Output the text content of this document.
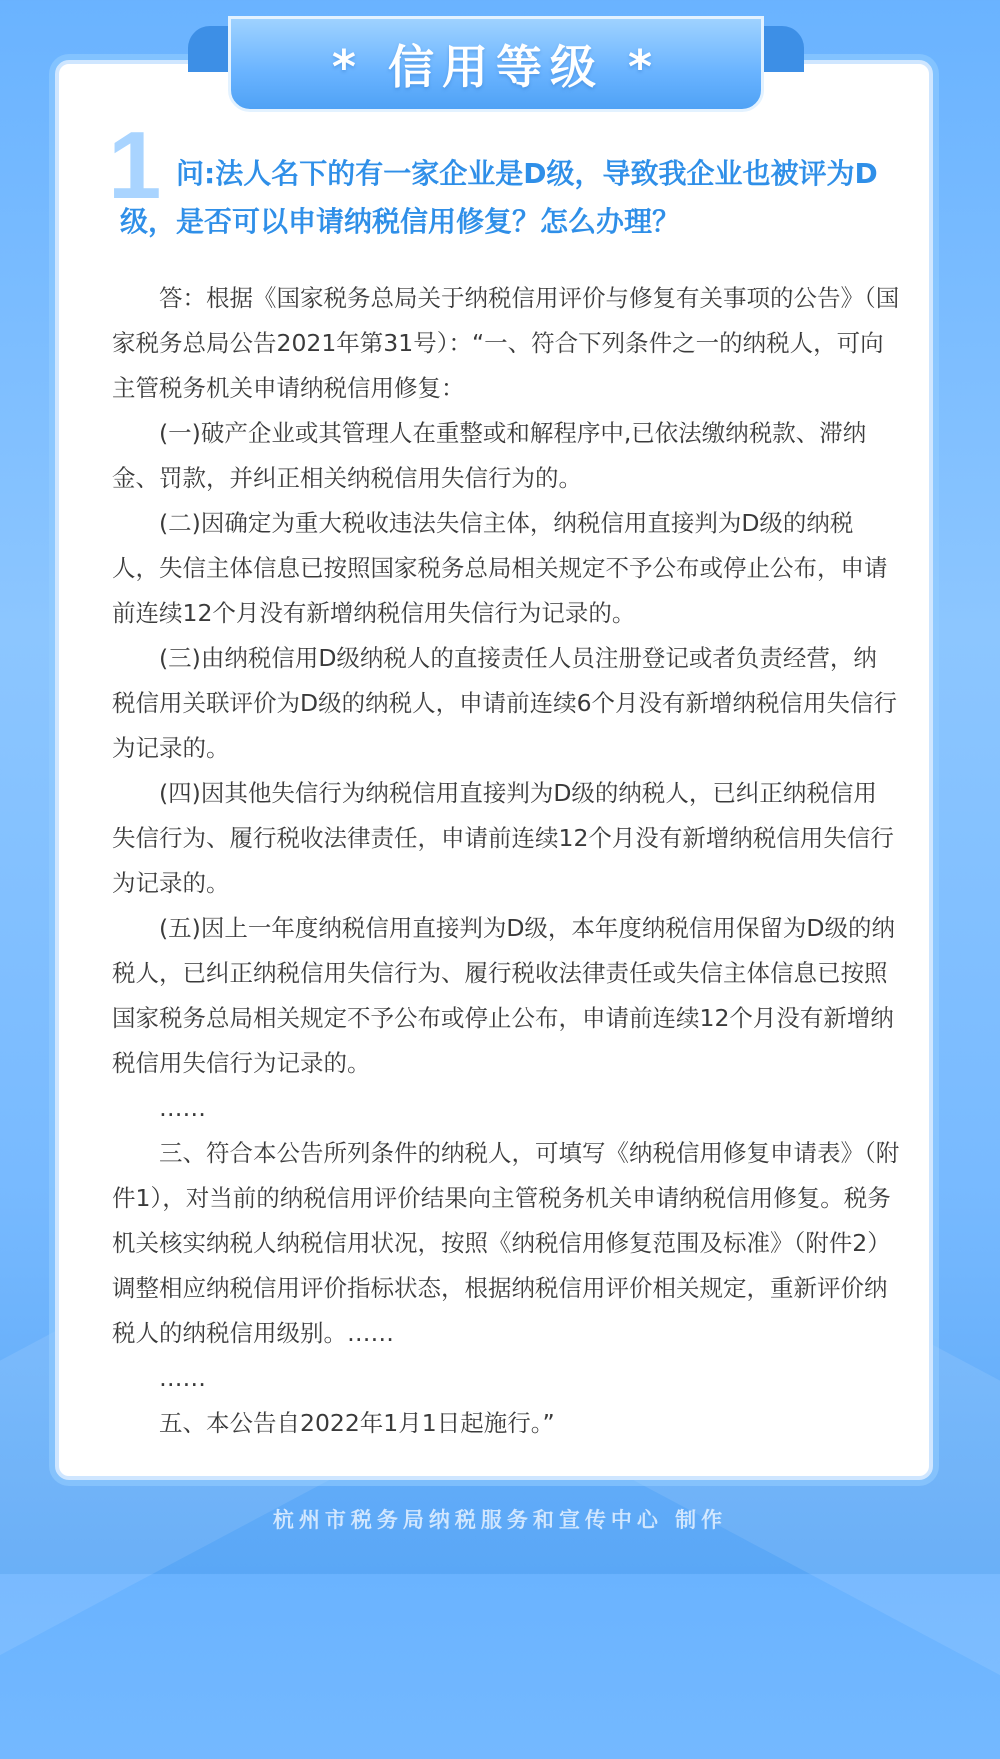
* 信用等级 *
1 问:法人名下的有一家企业是D级，导致我企业也被评为D级，是否可以申请纳税信用修复？怎么办理？

答：根据《国家税务总局关于纳税信用评价与修复有关事项的公告》（国家税务总局公告2021年第31号）：“一、符合下列条件之一的纳税人，可向主管税务机关申请纳税信用修复：

(一)破产企业或其管理人在重整或和解程序中,已依法缴纳税款、滞纳金、罚款，并纠正相关纳税信用失信行为的。

(二)因确定为重大税收违法失信主体，纳税信用直接判为D级的纳税人，失信主体信息已按照国家税务总局相关规定不予公布或停止公布，申请前连续12个月没有新增纳税信用失信行为记录的。

(三)由纳税信用D级纳税人的直接责任人员注册登记或者负责经营，纳税信用关联评价为D级的纳税人，申请前连续6个月没有新增纳税信用失信行为记录的。

(四)因其他失信行为纳税信用直接判为D级的纳税人，已纠正纳税信用失信行为、履行税收法律责任，申请前连续12个月没有新增纳税信用失信行为记录的。

(五)因上一年度纳税信用直接判为D级，本年度纳税信用保留为D级的纳税人，已纠正纳税信用失信行为、履行税收法律责任或失信主体信息已按照国家税务总局相关规定不予公布或停止公布，申请前连续12个月没有新增纳税信用失信行为记录的。

……

三、符合本公告所列条件的纳税人，可填写《纳税信用修复申请表》（附件1），对当前的纳税信用评价结果向主管税务机关申请纳税信用修复。税务机关核实纳税人纳税信用状况，按照《纳税信用修复范围及标准》（附件2）调整相应纳税信用评价指标状态，根据纳税信用评价相关规定，重新评价纳税人的纳税信用级别。……

……

五、本公告自2022年1月1日起施行。”

杭州市税务局纳税服务和宣传中心 制作
